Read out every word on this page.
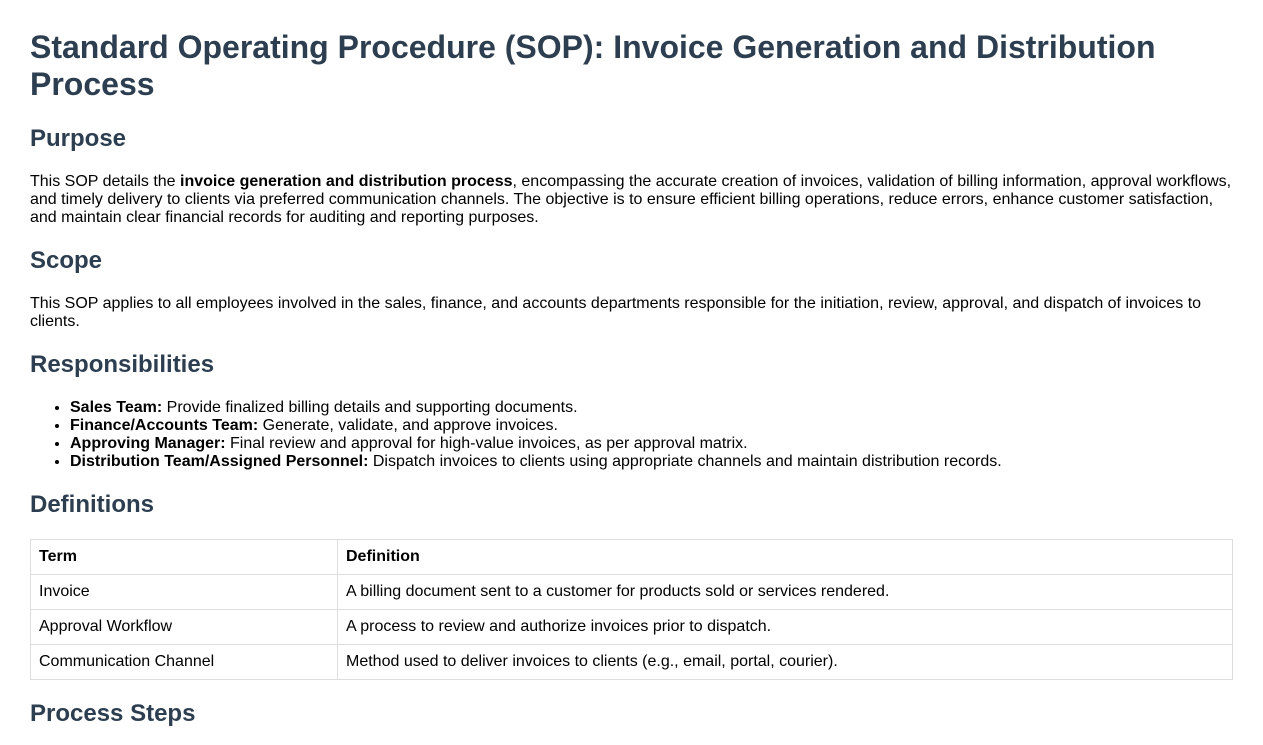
Standard Operating Procedure (SOP): Invoice Generation and Distribution Process
Purpose

This SOP details the invoice generation and distribution process, encompassing the accurate creation of invoices, validation of billing information, approval workflows, and timely delivery to clients via preferred communication channels. The objective is to ensure efficient billing operations, reduce errors, enhance customer satisfaction, and maintain clear financial records for auditing and reporting purposes.

Scope

This SOP applies to all employees involved in the sales, finance, and accounts departments responsible for the initiation, review, approval, and dispatch of invoices to clients.

Responsibilities
• Sales Team: Provide finalized billing details and supporting documents.
• Finance/Accounts Team: Generate, validate, and approve invoices.
• Approving Manager: Final review and approval for high-value invoices, as per approval matrix.
• Distribution Team/Assigned Personnel: Dispatch invoices to clients using appropriate channels and maintain distribution records.
Definitions
Term	Definition
Invoice	A billing document sent to a customer for products sold or services rendered.
Approval Workflow	A process to review and authorize invoices prior to dispatch.
Communication Channel	Method used to deliver invoices to clients (e.g., email, portal, courier).
Process Steps
